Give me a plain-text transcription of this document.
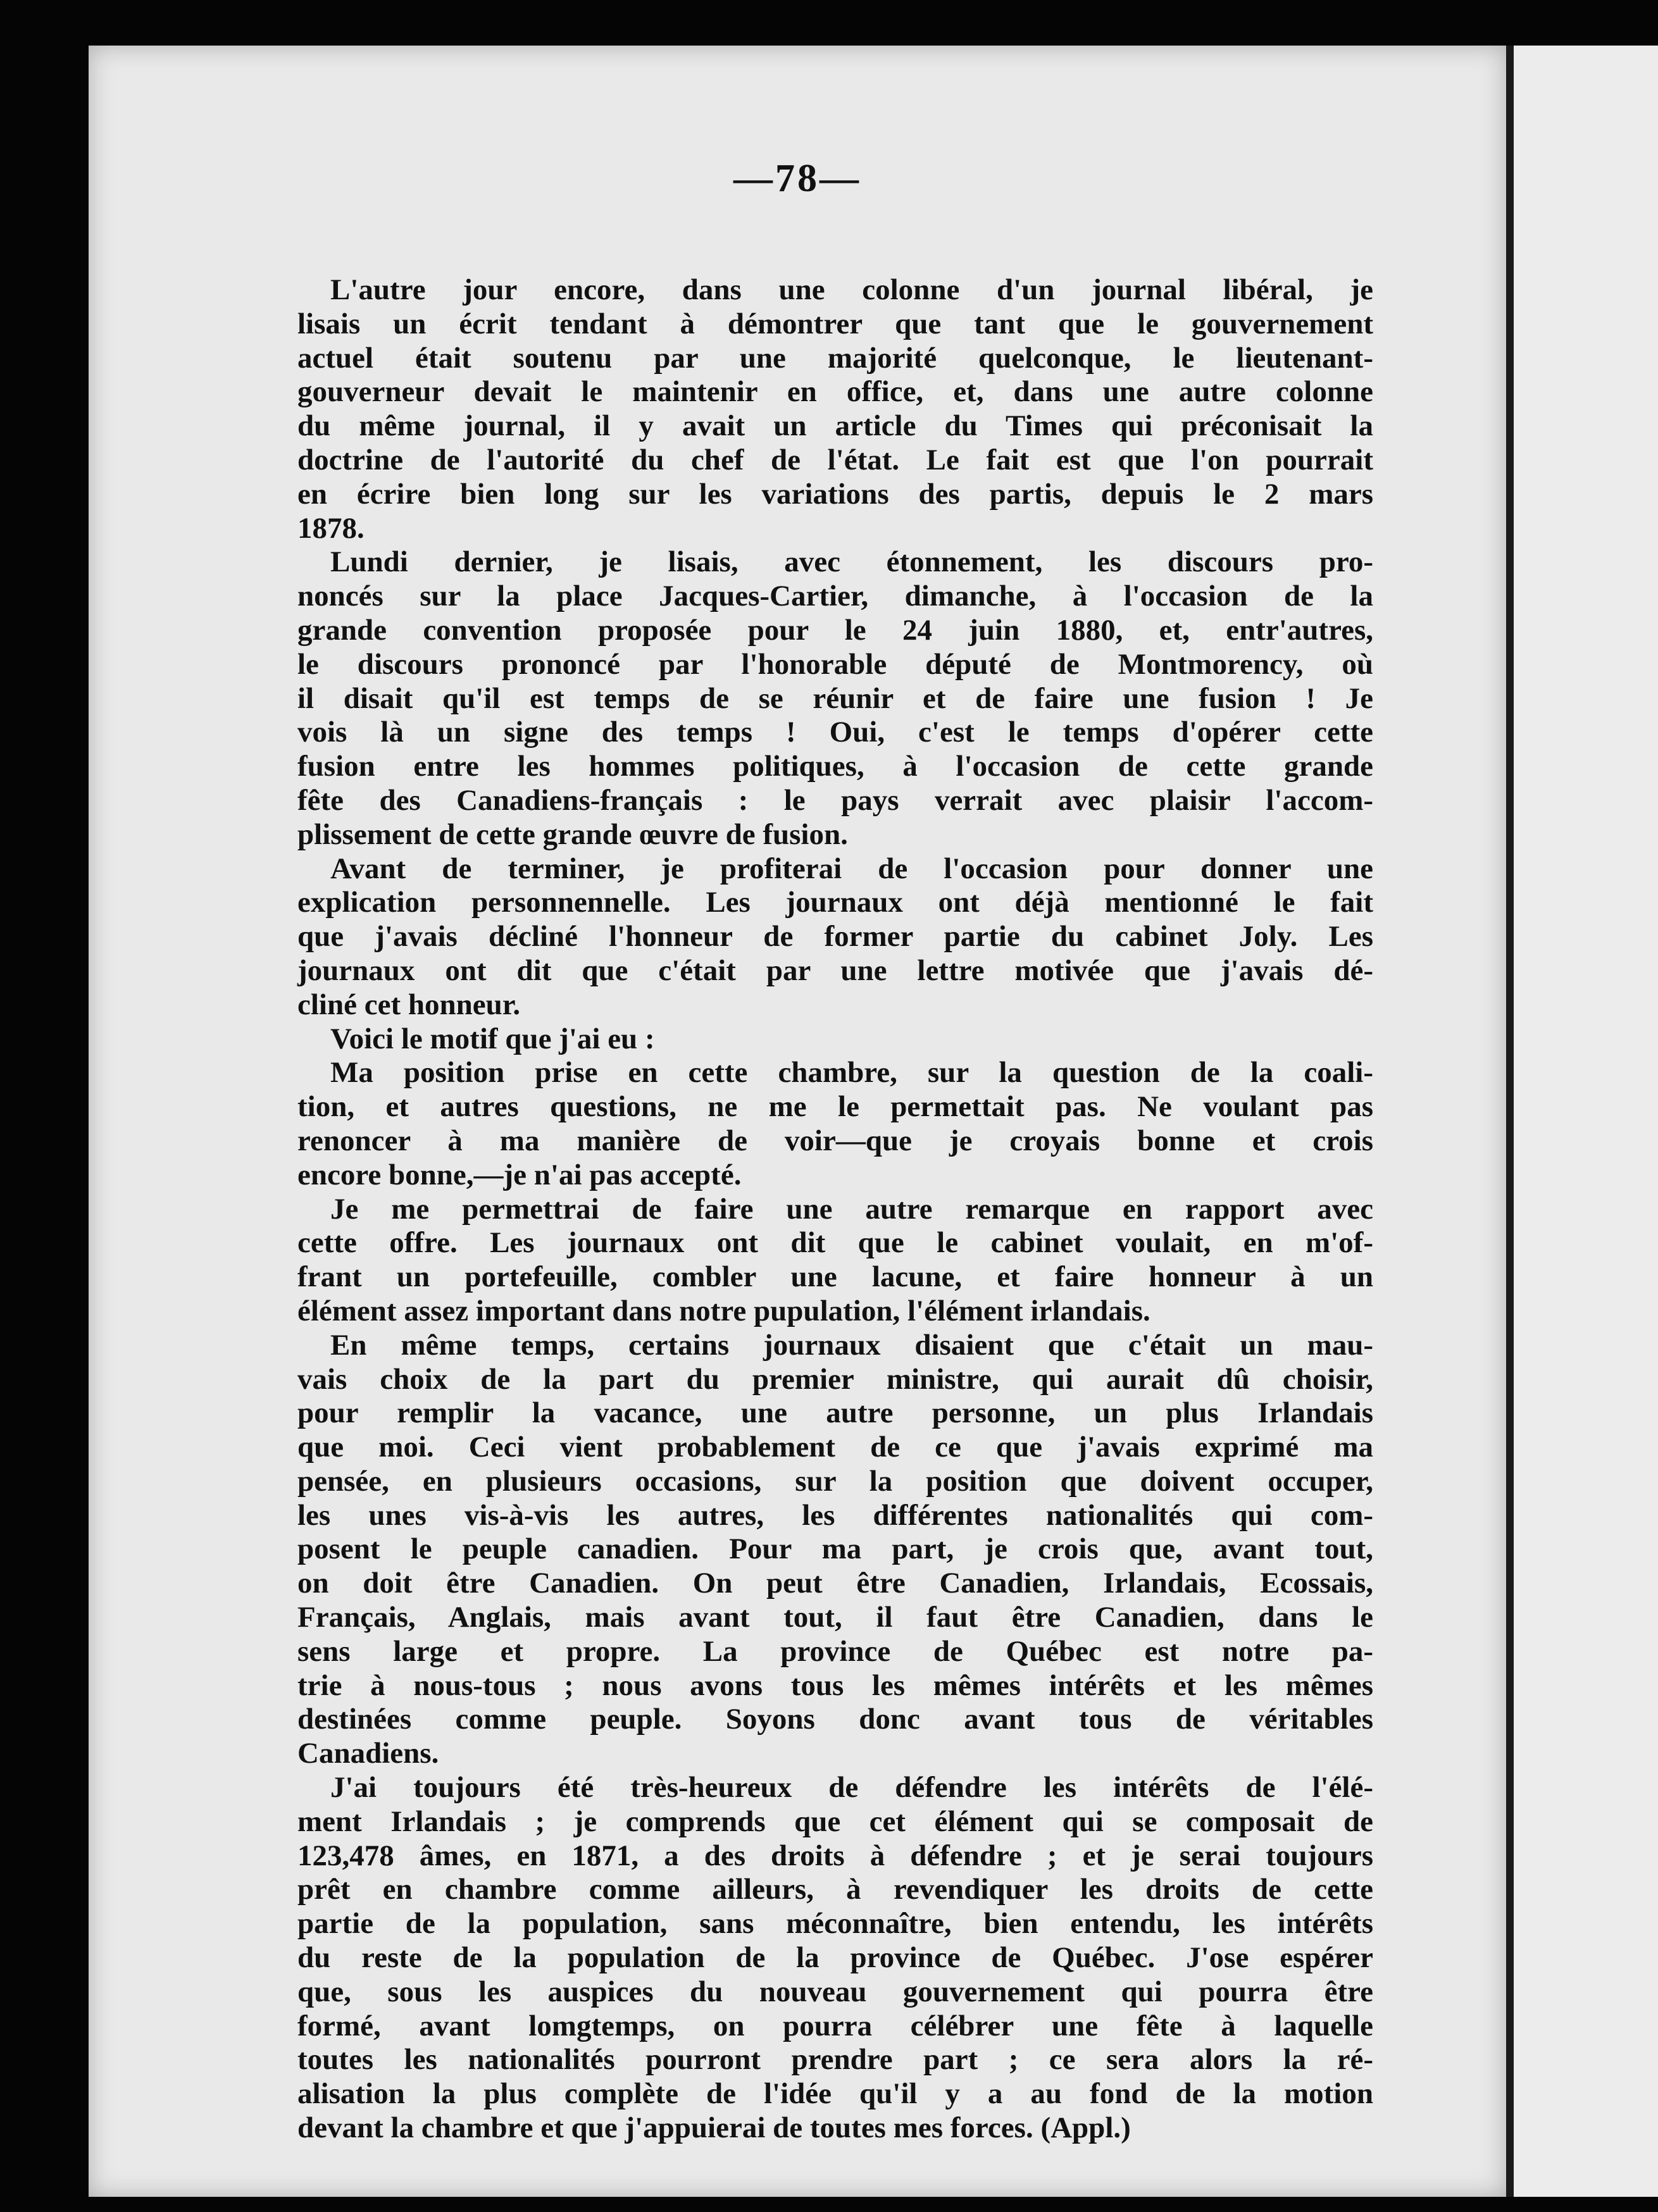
—78—
L'autre jour encore, dans une colonne d'un journal libéral, je
lisais un écrit tendant à démontrer que tant que le gouvernement
actuel était soutenu par une majorité quelconque, le lieutenant-
gouverneur devait le maintenir en office, et, dans une autre colonne
du même journal, il y avait un article du Times qui préconisait la
doctrine de l'autorité du chef de l'état. Le fait est que l'on pourrait
en écrire bien long sur les variations des partis, depuis le 2 mars
1878.
Lundi dernier, je lisais, avec étonnement, les discours pro-
noncés sur la place Jacques-Cartier, dimanche, à l'occasion de la
grande convention proposée pour le 24 juin 1880, et, entr'autres,
le discours prononcé par l'honorable député de Montmorency, où
il disait qu'il est temps de se réunir et de faire une fusion ! Je
vois là un signe des temps ! Oui, c'est le temps d'opérer cette
fusion entre les hommes politiques, à l'occasion de cette grande
fête des Canadiens-français : le pays verrait avec plaisir l'accom-
plissement de cette grande œuvre de fusion.
Avant de terminer, je profiterai de l'occasion pour donner une
explication personnennelle. Les journaux ont déjà mentionné le fait
que j'avais décliné l'honneur de former partie du cabinet Joly. Les
journaux ont dit que c'était par une lettre motivée que j'avais dé-
cliné cet honneur.
Voici le motif que j'ai eu :
Ma position prise en cette chambre, sur la question de la coali-
tion, et autres questions, ne me le permettait pas. Ne voulant pas
renoncer à ma manière de voir—que je croyais bonne et crois
encore bonne,—je n'ai pas accepté.
Je me permettrai de faire une autre remarque en rapport avec
cette offre. Les journaux ont dit que le cabinet voulait, en m'of-
frant un portefeuille, combler une lacune, et faire honneur à un
élément assez important dans notre pupulation, l'élément irlandais.
En même temps, certains journaux disaient que c'était un mau-
vais choix de la part du premier ministre, qui aurait dû choisir,
pour remplir la vacance, une autre personne, un plus Irlandais
que moi. Ceci vient probablement de ce que j'avais exprimé ma
pensée, en plusieurs occasions, sur la position que doivent occuper,
les unes vis-à-vis les autres, les différentes nationalités qui com-
posent le peuple canadien. Pour ma part, je crois que, avant tout,
on doit être Canadien. On peut être Canadien, Irlandais, Ecossais,
Français, Anglais, mais avant tout, il faut être Canadien, dans le
sens large et propre. La province de Québec est notre pa-
trie à nous-tous ; nous avons tous les mêmes intérêts et les mêmes
destinées comme peuple. Soyons donc avant tous de véritables
Canadiens.
J'ai toujours été très-heureux de défendre les intérêts de l'élé-
ment Irlandais ; je comprends que cet élément qui se composait de
123,478 âmes, en 1871, a des droits à défendre ; et je serai toujours
prêt en chambre comme ailleurs, à revendiquer les droits de cette
partie de la population, sans méconnaître, bien entendu, les intérêts
du reste de la population de la province de Québec. J'ose espérer
que, sous les auspices du nouveau gouvernement qui pourra être
formé, avant lomgtemps, on pourra célébrer une fête à laquelle
toutes les nationalités pourront prendre part ; ce sera alors la ré-
alisation la plus complète de l'idée qu'il y a au fond de la motion
devant la chambre et que j'appuierai de toutes mes forces. (Appl.)
